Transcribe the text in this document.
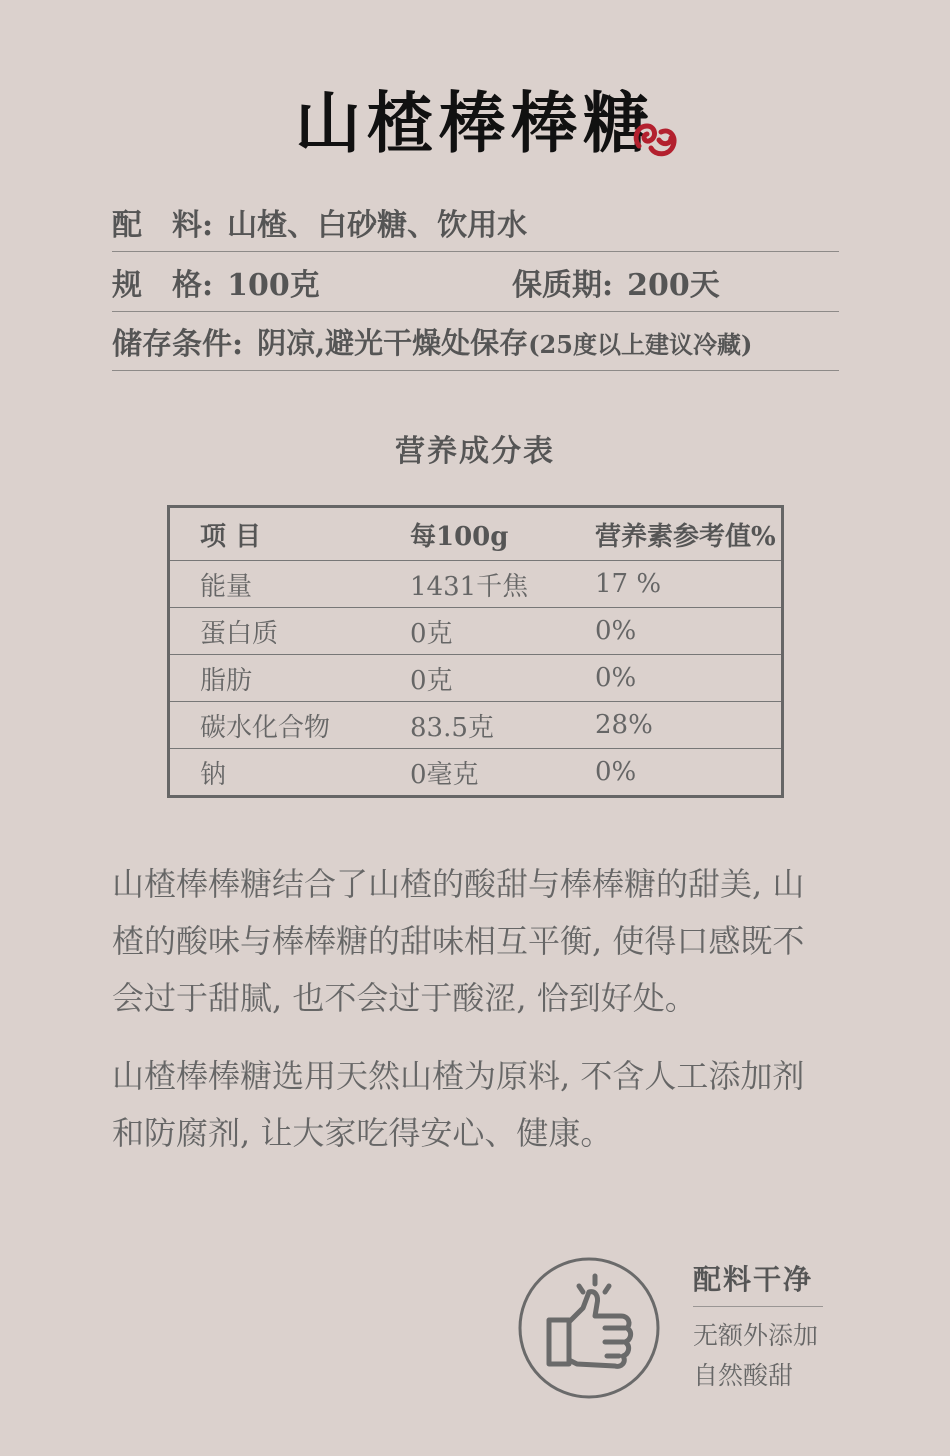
山楂棒棒糖
配　料: 山楂、白砂糖、饮用水
规　格: 100克	保质期: 200天
储存条件: 阴凉,避光干燥处保存(25度以上建议冷藏)
营养成分表
项 目	每100g	营养素参考值%
能量	1431千焦	17 %
蛋白质	0克	0%
脂肪	0克	0%
碳水化合物	83.5克	28%
钠	0毫克	0%
山楂棒棒糖结合了山楂的酸甜与棒棒糖的甜美, 山
楂的酸味与棒棒糖的甜味相互平衡, 使得口感既不
会过于甜腻, 也不会过于酸涩, 恰到好处。
山楂棒棒糖选用天然山楂为原料, 不含人工添加剂
和防腐剂, 让大家吃得安心、健康。
配料干净
无额外添加
自然酸甜
